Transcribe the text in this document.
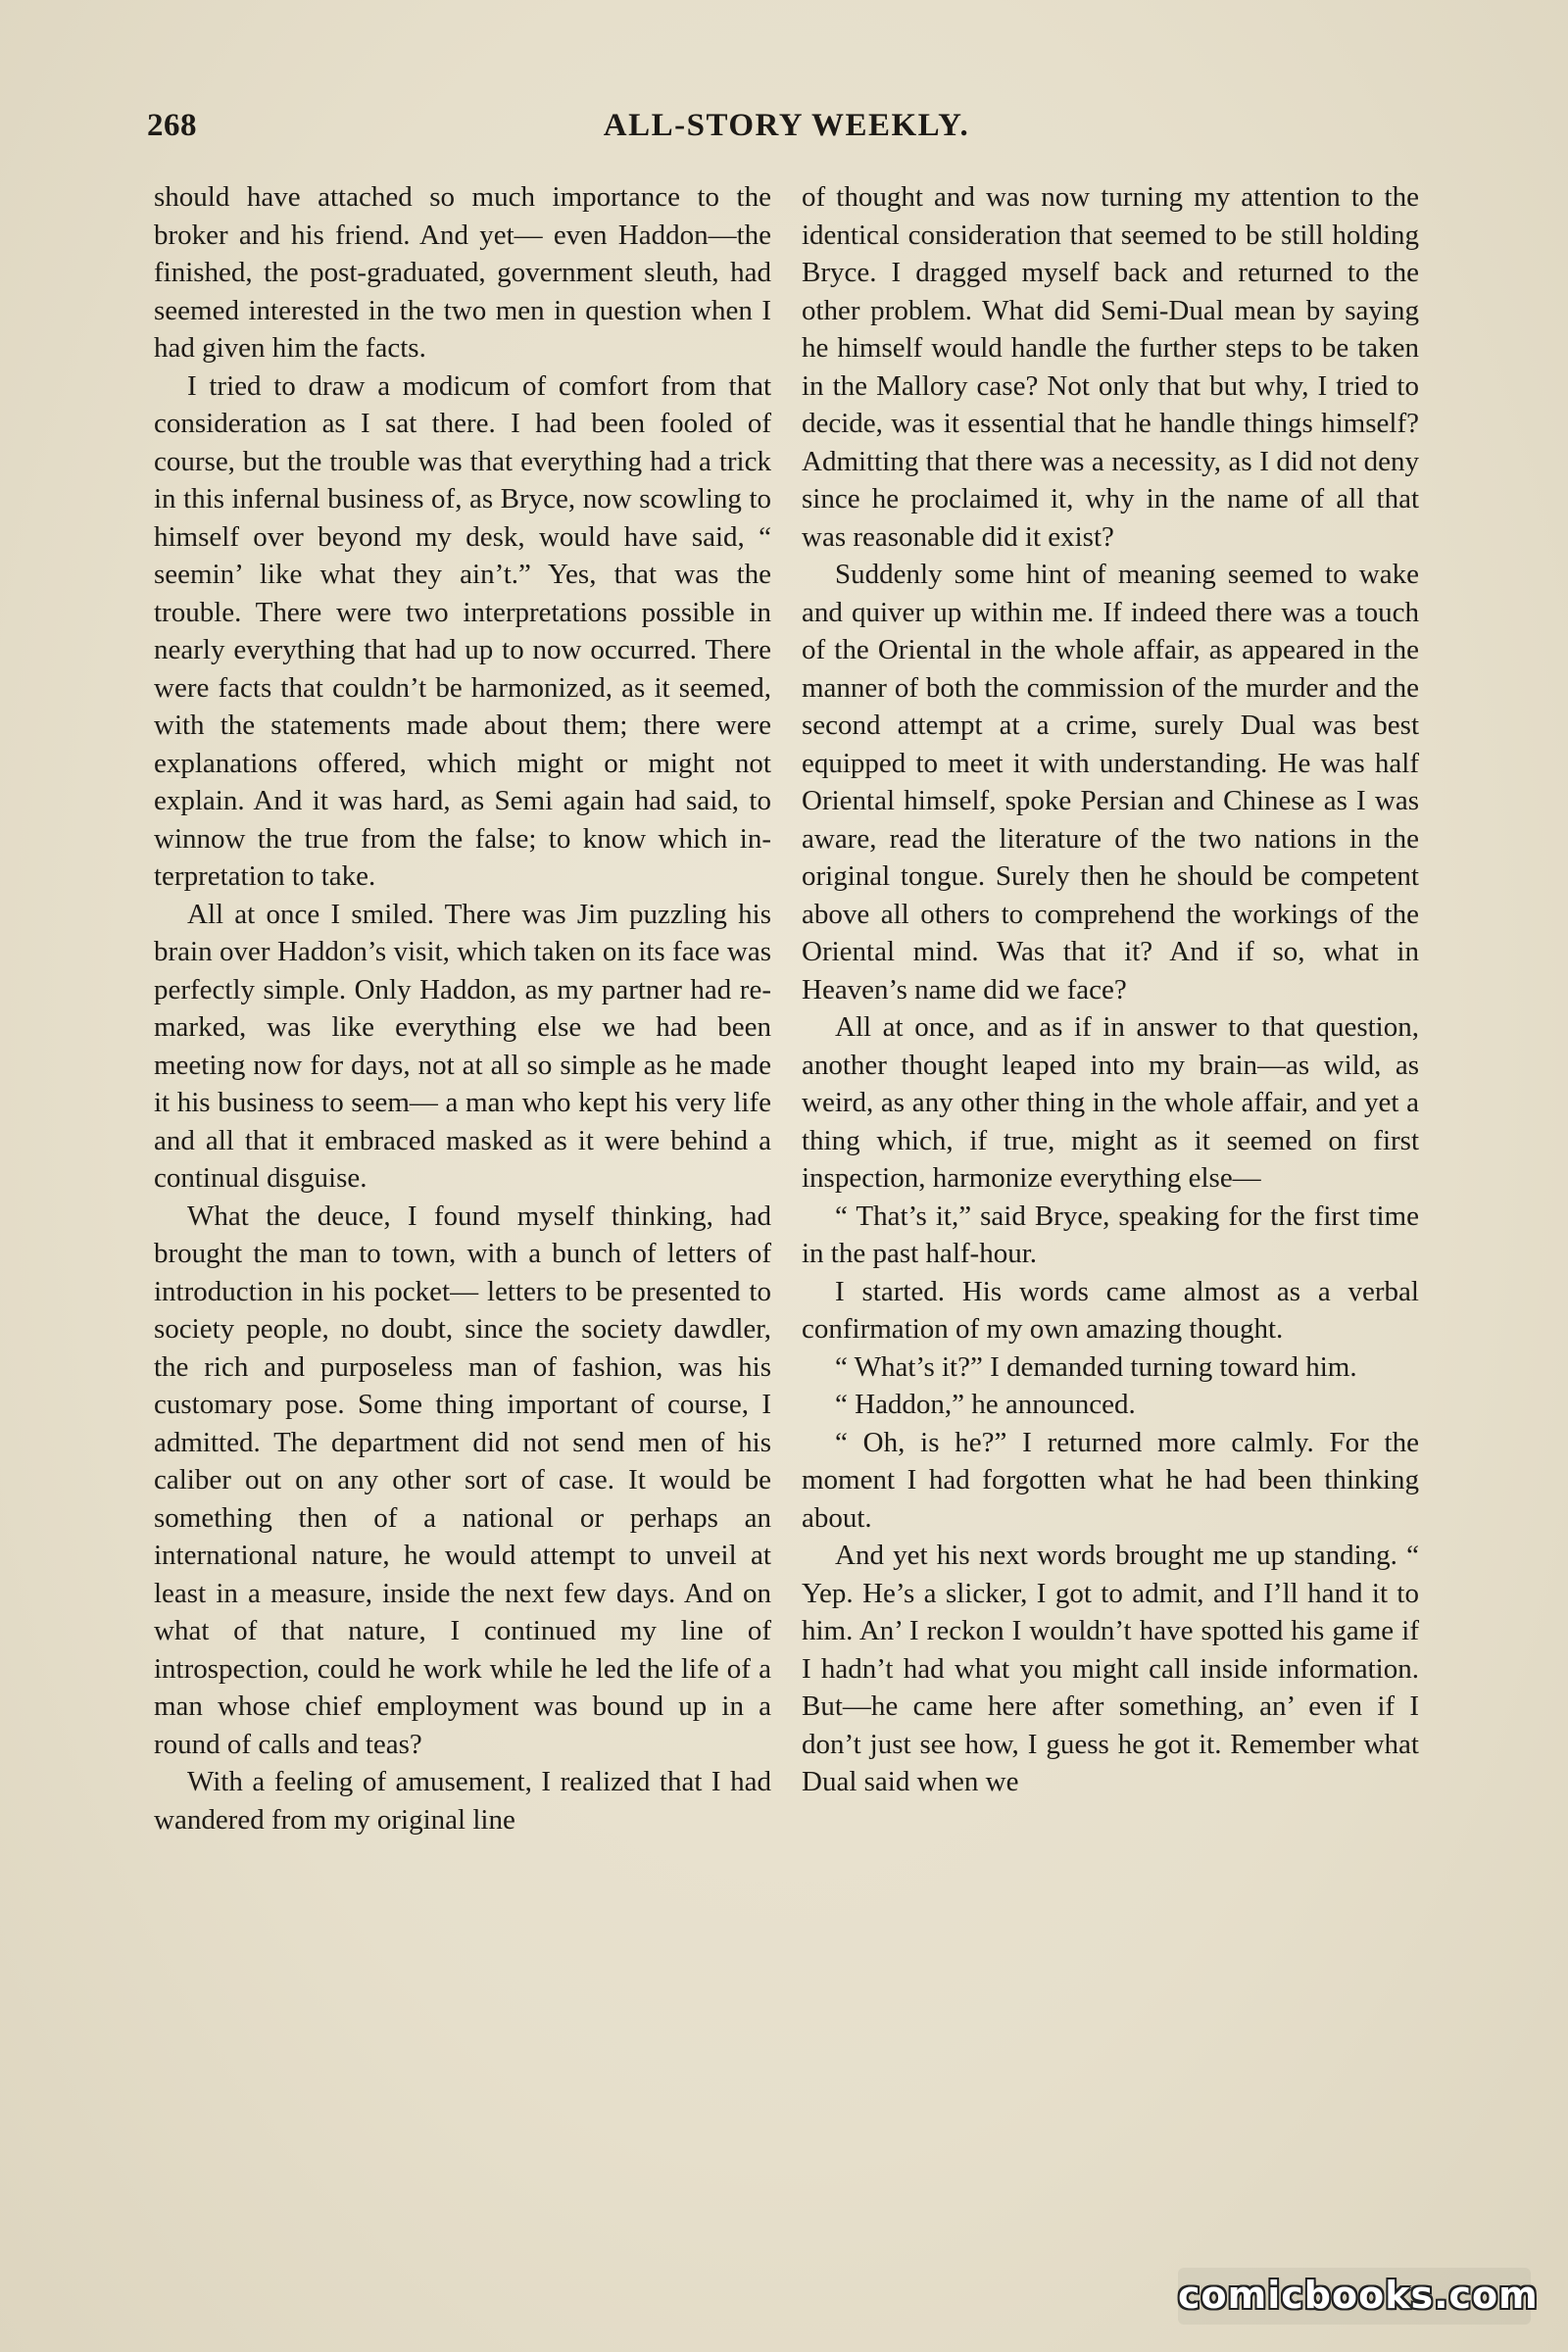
268	ALL-STORY WEEKLY.

should have attached so much importance to the broker and his friend. And yet— even Haddon—the finished, the post-graduated, government sleuth, had seemed interested in the two men in question when I had given him the facts.

I tried to draw a modicum of comfort from that consideration as I sat there. I had been fooled of course, but the trouble was that everything had a trick in this infernal business of, as Bryce, now scowling to himself over beyond my desk, would have said, “ seemin’ like what they ain’t.” Yes, that was the trouble. There were two interpretations possible in nearly everything that had up to now occurred. There were facts that couldn’t be harmonized, as it seemed, with the statements made about them; there were explanations offered, which might or might not explain. And it was hard, as Semi again had said, to winnow the true from the false; to know which interpretation to take.

All at once I smiled. There was Jim puzzling his brain over Haddon’s visit, which taken on its face was perfectly simple. Only Haddon, as my partner had remarked, was like everything else we had been meeting now for days, not at all so simple as he made it his business to seem— a man who kept his very life and all that it embraced masked as it were behind a continual disguise.

What the deuce, I found myself thinking, had brought the man to town, with a bunch of letters of introduction in his pocket— letters to be presented to society people, no doubt, since the society dawdler, the rich and purposeless man of fashion, was his customary pose. Some thing important of course, I admitted. The department did not send men of his caliber out on any other sort of case. It would be something then of a national or perhaps an international nature, he would attempt to unveil at least in a measure, inside the next few days. And on what of that nature, I continued my line of introspection, could he work while he led the life of a man whose chief employment was bound up in a round of calls and teas?

With a feeling of amusement, I realized that I had wandered from my original line

of thought and was now turning my attention to the identical consideration that seemed to be still holding Bryce. I dragged myself back and returned to the other problem. What did Semi-Dual mean by saying he himself would handle the further steps to be taken in the Mallory case? Not only that but why, I tried to decide, was it essential that he handle things himself? Admitting that there was a necessity, as I did not deny since he proclaimed it, why in the name of all that was reasonable did it exist?

Suddenly some hint of meaning seemed to wake and quiver up within me. If indeed there was a touch of the Oriental in the whole affair, as appeared in the manner of both the commission of the murder and the second attempt at a crime, surely Dual was best equipped to meet it with understanding. He was half Oriental himself, spoke Persian and Chinese as I was aware, read the literature of the two nations in the original tongue. Surely then he should be competent above all others to comprehend the workings of the Oriental mind. Was that it? And if so, what in Heaven’s name did we face?

All at once, and as if in answer to that question, another thought leaped into my brain—as wild, as weird, as any other thing in the whole affair, and yet a thing which, if true, might as it seemed on first inspection, harmonize everything else—

“ That’s it,” said Bryce, speaking for the first time in the past half-hour.

I started. His words came almost as a verbal confirmation of my own amazing thought.

“ What’s it?” I demanded turning toward him.

“ Haddon,” he announced.

“ Oh, is he?” I returned more calmly. For the moment I had forgotten what he had been thinking about.

And yet his next words brought me up standing. “ Yep. He’s a slicker, I got to admit, and I’ll hand it to him. An’ I reckon I wouldn’t have spotted his game if I hadn’t had what you might call inside information. But—he came here after something, an’ even if I don’t just see how, I guess he got it. Remember what Dual said when we

comicbooks.com
